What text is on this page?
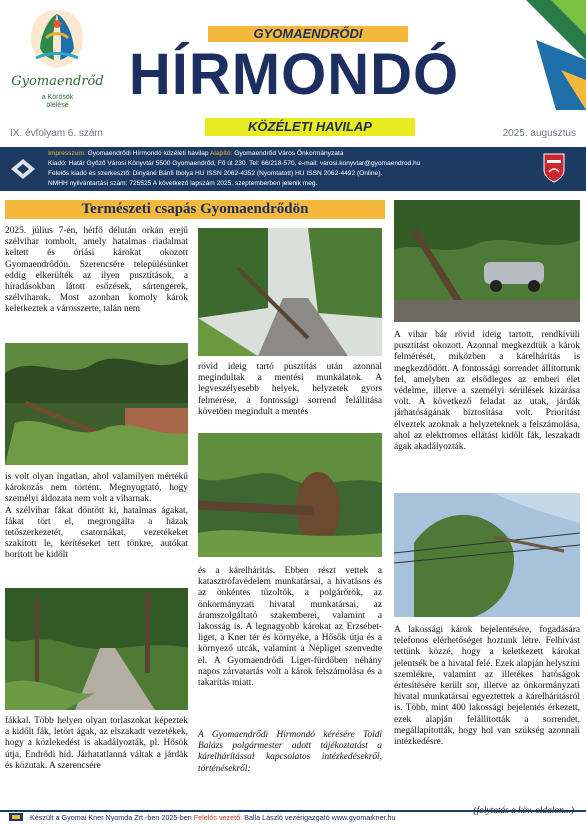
Gyomaendrőd
a Körösök
ölelése
GYOMAENDRŐDI
HÍRMONDÓ
KÖZÉLETI HAVILAP
IX. évfolyam 6. szám	2025. augusztus
Impresszum: Gyomaendrődi Hírmondó közéleti havilap Alapító: Gyomaendrőd Város Önkormányzata
Kiadó: Határ Győző Városi Könyvtár 5500 Gyomaendrőd, Fő út 230. Tel: 66/218-570, e-mail: varosi.konyvtar@gyomaendrod.hu
Felelős kiadó és szerkesztő: Dinyáné Bánfi Ibolya HU ISSN 2062-4352 (Nyomtatott) HU ISSN 2062-4492 (Online).
NMHH nyilvántartási szám: 725525 A következő lapszám 2025. szeptemberben jelenik meg.
Természeti csapás Gyomaendrődön
2025. július 7-én, hétfő délután orkán erejű szélvihar tombolt, amely hatalmas riadalmat keltett és óriási károkat okozott Gyomaendrődön. Szerencsére településünket eddig elkerülték az ilyen pusztítások, a híradásokban látott esőzések, sártengerek, szélviharok. Most azonban komoly károk keletkeztek a városszerte, talán nem

is volt olyan ingatlan, ahol valamilyen mértékű károkozás nem történt. Megnyugtató, hogy személyi áldozata nem volt a viharnak.

A szélvihar fákat döntött ki, hatalmas ágakat, fákat tört el, megrongálta a házak tetőszerkezetét, csatornákat, vezetékeket szakított le, kerítéseket tett tönkre, autókat borított be kidőlt

fákkal. Több helyen olyan torlaszokat képeztek a kidőlt fák, letört ágak, az elszakadt vezetékek, hogy a közlekedést is akadályozták, pl. Hősök útja, Endrődi híd. Járhatatlanná váltak a járdák és közutak. A szerencsére
rövid ideig tartó pusztítás után azonnal megindultak a mentési munkálatok. A legveszélyesebb helyek, helyzetek gyors felmérése, a fontossági sorrend felállítása követően megindult a mentés
és a kárelhárítás. Ebben részt vettek a katasztrófavédelem munkatársai, a hivatásos és az önkéntes tűzoltók, a polgárőrök, az önkormányzati hivatal munkatársai, az áramszolgáltató szakemberei, valamint a lakosság is. A legnagyobb károkat az Erzsébet-liget, a Kner tér és környéke, a Hősök útja és a környező utcák, valamint a Népliget szenvedte el. A Gyomaendrődi Liget-fürdőben néhány napos zárvatartás volt a károk felszámolása és a takarítás miatt.
A Gyomaendrődi Hírmondó kérésére Toldi Balázs polgármester adott tájékoztatást a kárelhárítással kapcsolatos intézkedésekről, történésekről:
A vihar bár rövid ideig tartott, rendkívüli pusztítást okozott. Azonnal megkezdtük a károk felmérését, miközben a kárelhárítás is megkezdődött. A fontossági sorrendet állítottunk fel, amelyben az elsődleges az emberi élet védelme, illetve a személyi sérülések kizárása volt. A következő feladat az utak, járdák járhatóságának biztosítása volt. Prioritást élveztek azoknak a helyzeteknek a felszámolása, ahol az elektromos ellátást kidőlt fák, leszakadt ágak akadályozták.
A lakossági károk bejelentésére, fogadására telefonos elérhetőséget hoztunk létre. Felhívást tettünk közzé, hogy a keletkezett károkat jelentsék be a hivatal felé. Ezek alapján helyszíni szemlékre, valamint az illetékes hatóságok értesítésére került sor, illetve az önkormányzati hivatal munkatársai egyeztettek a kárelhárításról is. Több, mint 400 lakossági bejelentés érkezett, ezek alapján felállították a sorrendet, megállapították, hogy hol van szükség azonnali intézkedésre.
(folytatás a köv. oldalon...)
Készült a Gyomai Kner Nyomda Zrt.-ben 2025-ben Felelős vezető: Balla László vezérigazgató www.gyomaikner.hu
